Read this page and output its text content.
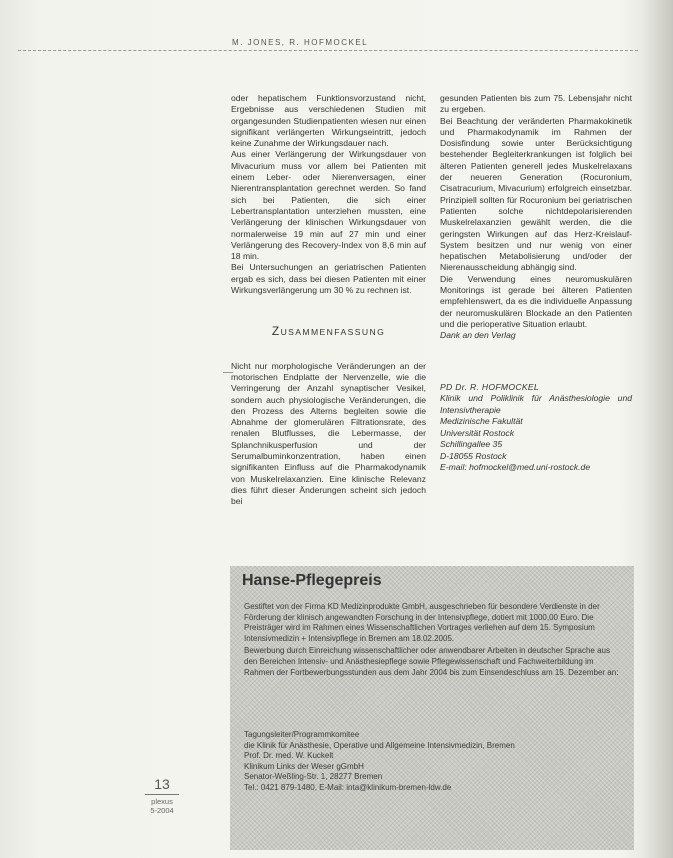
M. JONES, R. HOFMOCKEL

oder hepatischem Funktionsvorzustand nicht, Ergebnisse aus verschiedenen Studien mit organgesunden Studienpatienten wiesen nur einen signifikant verlängerten Wirkungseintritt, jedoch keine Zunahme der Wirkungsdauer nach.

Aus einer Verlängerung der Wirkungsdauer von Mivacurium muss vor allem bei Patienten mit einem Leber- oder Nierenversagen, einer Nierentransplantation gerechnet werden. So fand sich bei Patienten, die sich einer Lebertransplantation unterziehen mussten, eine Verlängerung der klinischen Wirkungsdauer von normalerweise 19 min auf 27 min und einer Verlängerung des Recovery-Index von 8,6 min auf 18 min.

Bei Untersuchungen an geriatrischen Patienten ergab es sich, dass bei diesen Patienten mit einer Wirkungsverlängerung um 30 % zu rechnen ist.

ZUSAMMENFASSUNG

Nicht nur morphologische Veränderungen an der motorischen Endplatte der Nervenzelle, wie die Verringerung der Anzahl synaptischer Vesikel, sondern auch physiologische Veränderungen, die den Prozess des Alterns begleiten sowie die Abnahme der glomerulären Filtrationsrate, des renalen Blutflusses, die Lebermasse, der Splanchnikusperfusion und der Serumalbuminkonzentration, haben einen signifikanten Einfluss auf die Pharmakodynamik von Muskelrelaxanzien. Eine klinische Relevanz dies führt dieser Änderungen scheint sich jedoch bei

gesunden Patienten bis zum 75. Lebensjahr nicht zu ergeben.

Bei Beachtung der veränderten Pharmakokinetik und Pharmakodynamik im Rahmen der Dosisfindung sowie unter Berücksichtigung bestehender Begleiterkrankungen ist folglich bei älteren Patienten generell jedes Muskelrelaxans der neueren Generation (Rocuronium, Cisatracurium, Mivacurium) erfolgreich einsetzbar. Prinzipiell sollten für Rocuronium bei geriatrischen Patienten solche nichtdepolarisierenden Muskelrelaxanzien gewählt werden, die die geringsten Wirkungen auf das Herz-Kreislauf-System besitzen und nur wenig von einer hepatischen Metabolisierung und/oder der Nierenausscheidung abhängig sind.

Die Verwendung eines neuromuskulären Monitorings ist gerade bei älteren Patienten empfehlenswert, da es die individuelle Anpassung der neuromuskulären Blockade an den Patienten und die perioperative Situation erlaubt.

Dank an den Verlag

PD Dr. R. HOFMOCKEL
Klinik und Poliklinik für Anästhesiologie und Intensivtherapie
Medizinische Fakultät
Universität Rostock
Schillingallee 35
D-18055 Rostock
E-mail: hofmockel@med.uni-rostock.de
13
plexus
5-2004
Hanse-Pflegepreis

Gestiftet von der Firma KD Medizinprodukte GmbH, ausgeschrieben für besondere Verdienste in der Förderung der klinisch angewandten Forschung in der Intensivpflege, dotiert mit 1000,00 Euro. Die Preisträger wird im Rahmen eines Wissenschaftlichen Vortrages verliehen auf dem 15. Symposium Intensivmedizin + Intensivpflege in Bremen am 18.02.2005.

Bewerbung durch Einreichung wissenschaftlicher oder anwendbarer Arbeiten in deutscher Sprache aus den Bereichen Intensiv- und Anästhesiepflege sowie Pflegewissenschaft und Fachweiterbildung im Rahmen der Fortbewerbungsstunden aus dem Jahr 2004 bis zum Einsendeschluss am 15. Dezember an:

Tagungsleiter/Programmkomitee
die Klinik für Anästhesie, Operative und Allgemeine Intensivmedizin, Bremen
Prof. Dr. med. W. Kuckelt
Klinikum Links der Weser gGmbH
Senator-Weßling-Str. 1, 28277 Bremen
Tel.: 0421 879-1480, E-Mail: inta@klinikum-bremen-ldw.de
